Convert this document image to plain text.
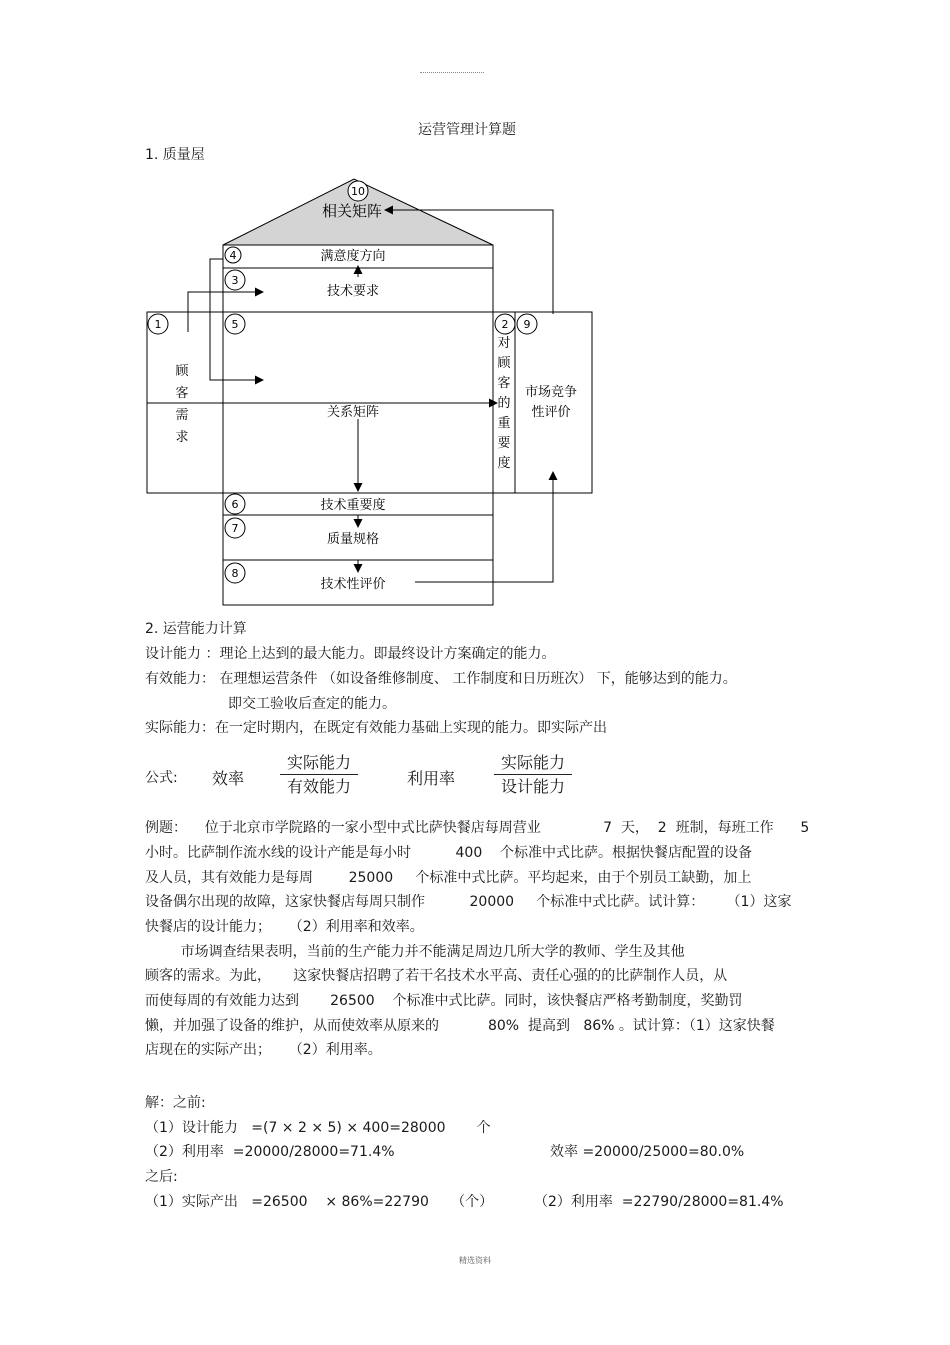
运营管理计算题
1. 质量屋
10
4
3
1	5	2 9
6
7
8
相关矩阵
满意度方向
技术要求
顾
客
需
求
关系矩阵
对
顾
客
的
重
要
度
市场竞争
性评价
技术重要度
质量规格
技术性评价
2. 运营能力计算
设计能力 ：理论上达到的最大能力。即最终设计方案确定的能力。
有效能力： 在理想运营条件 （如设备维修制度、 工作制度和日历班次） 下，能够达到的能力。
即交工验收后查定的能力。
实际能力：在一定时期内，在既定有效能力基础上实现的能力。即实际产出
公式: 效率
实际能力
有效能力	利用率
实际能力
设计能力
例题：    位于北京市学院路的一家小型中式比萨快餐店每周营业              7  天，  2  班制，每班工作      5
小时。比萨制作流水线的设计产能是每小时          400    个标准中式比萨。根据快餐店配置的设备
及人员，其有效能力是每周        25000     个标准中式比萨。平均起来，由于个别员工缺勤，加上
设备偶尔出现的故障，这家快餐店每周只制作          20000     个标准中式比萨。试计算：     （1）这家
快餐店的设计能力；    （2）利用率和效率。
市场调查结果表明，当前的生产能力并不能满足周边几所大学的教师、学生及其他
顾客的需求。为此，     这家快餐店招聘了若干名技术水平高、责任心强的的比萨制作人员，从
而使每周的有效能力达到       26500    个标准中式比萨。同时，该快餐店严格考勤制度，奖勤罚
懒，并加强了设备的维护，从而使效率从原来的           80%  提高到   86% 。试计算：（1）这家快餐
店现在的实际产出；    （2）利用率。
解：之前:
（1）设计能力   =(7 × 2 × 5) × 400=28000       个
（2）利用率  =20000/28000=71.4%	效率 =20000/25000=80.0%
之后:
（1）实际产出   =26500    × 86%=22790     （个）	（2）利用率  =22790/28000=81.4%
精选资料
